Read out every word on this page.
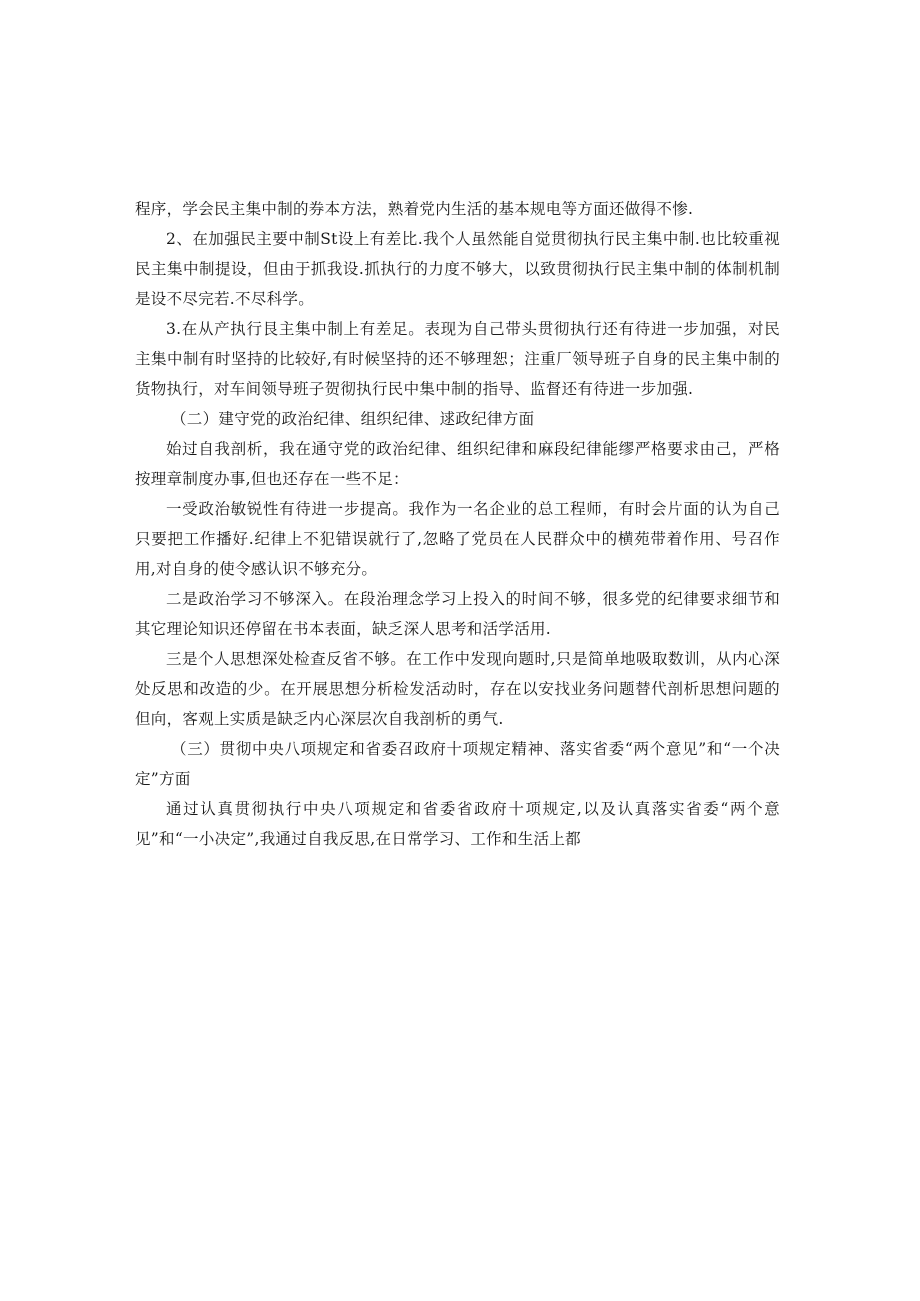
程序，学会民主集中制的券本方法，熟着党内生活的基本规电等方面还做得不惨.

2、在加强民主要中制St设上有差比.我个人虽然能自觉贯彻执行民主集中制.也比较重视民主集中制提设，但由于抓我设.抓执行的力度不够大，以致贯彻执行民主集中制的体制机制是设不尽完若.不尽科学。

3.在从产执行艮主集中制上有差足。表现为自己带头贯彻执行还有待进一步加强，对民主集中制有时坚持的比较好,有时候坚持的还不够理恕；注重厂领导班子自身的民主集中制的货物执行，对车间领导班子贺彻执行民中集中制的指导、监督还有待进一步加强.

（二）建守党的政治纪律、组织纪律、逑政纪律方面

始过自我剖析，我在通守党的政治纪律、组织纪律和麻段纪律能缪严格要求由己，严格按理章制度办事,但也还存在一些不足：

一受政治敏锐性有待进一步提高。我作为一名企业的总工程师，有时会片面的认为自己只要把工作播好.纪律上不犯错误就行了,忽略了党员在人民群众中的横苑带着作用、号召作用,对自身的使令感认识不够充分。

二是政治学习不够深入。在段治理念学习上投入的时间不够，很多党的纪律要求细节和其它理论知识还停留在书本表面，缺乏深人思考和活学活用.

三是个人思想深处检查反省不够。在工作中发现向题时,只是简单地吸取数训，从内心深处反思和改造的少。在开展思想分析检发活动时，存在以安找业务问题替代剖析思想问题的但向，客观上实质是缺乏内心深层次自我剖析的勇气.

（三）贯彻中央八项规定和省委召政府十项规定精神、落实省委“两个意见”和“一个决定”方面

通过认真贯彻执行中央八项规定和省委省政府十项规定,以及认真落实省委“两个意见”和“一小决定”,我通过自我反思,在日常学习、工作和生活上都
